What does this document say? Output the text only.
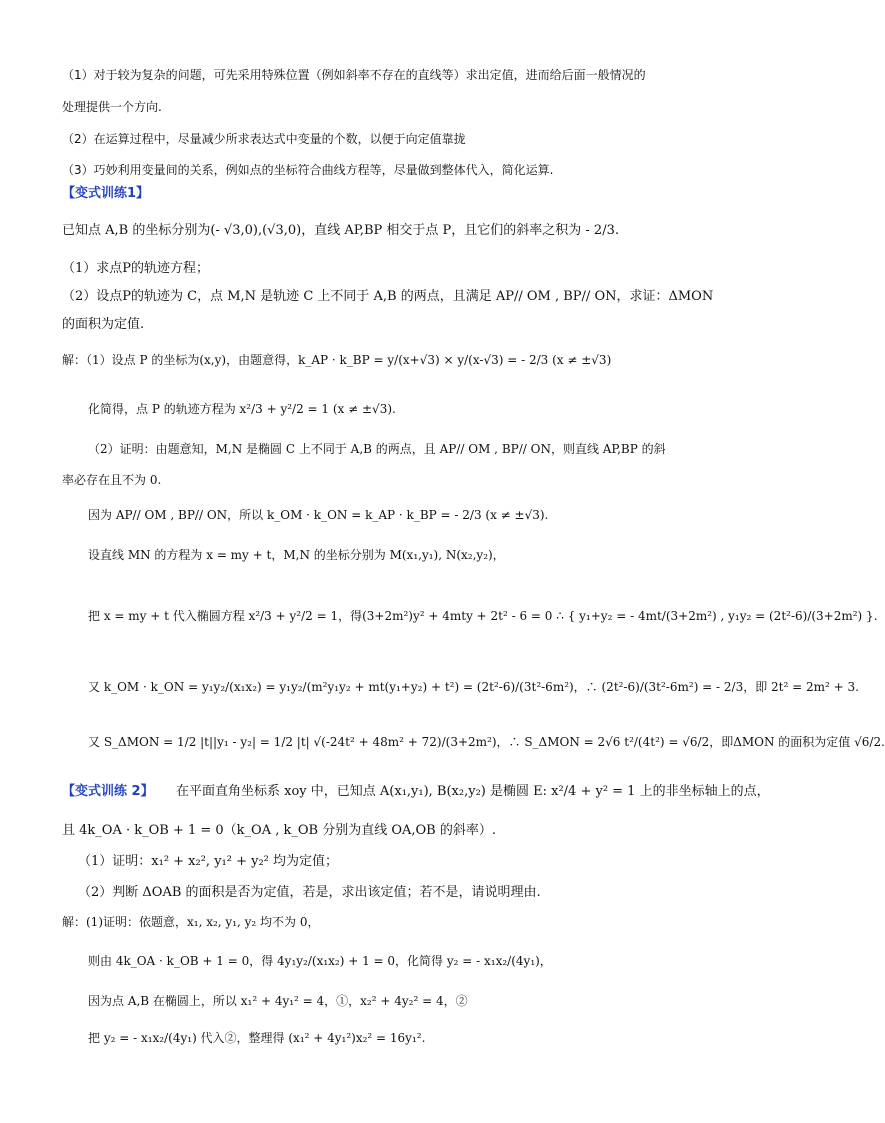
（1）对于较为复杂的问题，可先采用特殊位置（例如斜率不存在的直线等）求出定值，进而给后面一般情况的
处理提供一个方向.
（2）在运算过程中，尽量减少所求表达式中变量的个数，以便于向定值靠拢
（3）巧妙利用变量间的关系，例如点的坐标符合曲线方程等，尽量做到整体代入，简化运算.
【变式训练1】
已知点 A,B 的坐标分别为(- √3,0),(√3,0)，直线 AP,BP 相交于点 P，且它们的斜率之积为 - 2/3.
（1）求点P的轨迹方程；
（2）设点P的轨迹为 C，点 M,N 是轨迹 C 上不同于 A,B 的两点，且满足 AP// OM , BP// ON，求证：ΔMON
的面积为定值.
解：（1）设点 P 的坐标为(x,y)，由题意得，k_AP · k_BP = y/(x+√3) × y/(x-√3) = - 2/3 (x ≠ ±√3)
化简得，点 P 的轨迹方程为 x²/3 + y²/2 = 1 (x ≠ ±√3).
（2）证明：由题意知，M,N 是椭圆 C 上不同于 A,B 的两点，且 AP// OM , BP// ON，则直线 AP,BP 的斜
率必存在且不为 0.
因为 AP// OM , BP// ON，所以 k_OM · k_ON = k_AP · k_BP = - 2/3 (x ≠ ±√3).
设直线 MN 的方程为 x = my + t，M,N 的坐标分别为 M(x₁,y₁), N(x₂,y₂)，
把 x = my + t 代入椭圆方程 x²/3 + y²/2 = 1，得(3+2m²)y² + 4mty + 2t² - 6 = 0 ∴ { y₁+y₂ = - 4mt/(3+2m²) , y₁y₂ = (2t²-6)/(3+2m²) }.
又 k_OM · k_ON = y₁y₂/(x₁x₂) = y₁y₂/(m²y₁y₂ + mt(y₁+y₂) + t²) = (2t²-6)/(3t²-6m²)，∴ (2t²-6)/(3t²-6m²) = - 2/3，即 2t² = 2m² + 3.
又 S_ΔMON = 1/2 |t||y₁ - y₂| = 1/2 |t| √(-24t² + 48m² + 72)/(3+2m²)，∴ S_ΔMON = 2√6 t²/(4t²) = √6/2，即ΔMON 的面积为定值 √6/2.
【变式训练 2】 在平面直角坐标系 xoy 中，已知点 A(x₁,y₁), B(x₂,y₂) 是椭圆 E: x²/4 + y² = 1 上的非坐标轴上的点，
且 4k_OA · k_OB + 1 = 0（k_OA , k_OB 分别为直线 OA,OB 的斜率）.
（1）证明：x₁² + x₂², y₁² + y₂² 均为定值；
（2）判断 ΔOAB 的面积是否为定值，若是，求出该定值；若不是，请说明理由.
解：(1)证明：依题意，x₁, x₂, y₁, y₂ 均不为 0，
则由 4k_OA · k_OB + 1 = 0，得 4y₁y₂/(x₁x₂) + 1 = 0，化简得 y₂ = - x₁x₂/(4y₁)，
因为点 A,B 在椭圆上，所以 x₁² + 4y₁² = 4，①，x₂² + 4y₂² = 4，②
把 y₂ = - x₁x₂/(4y₁) 代入②，整理得 (x₁² + 4y₁²)x₂² = 16y₁².
